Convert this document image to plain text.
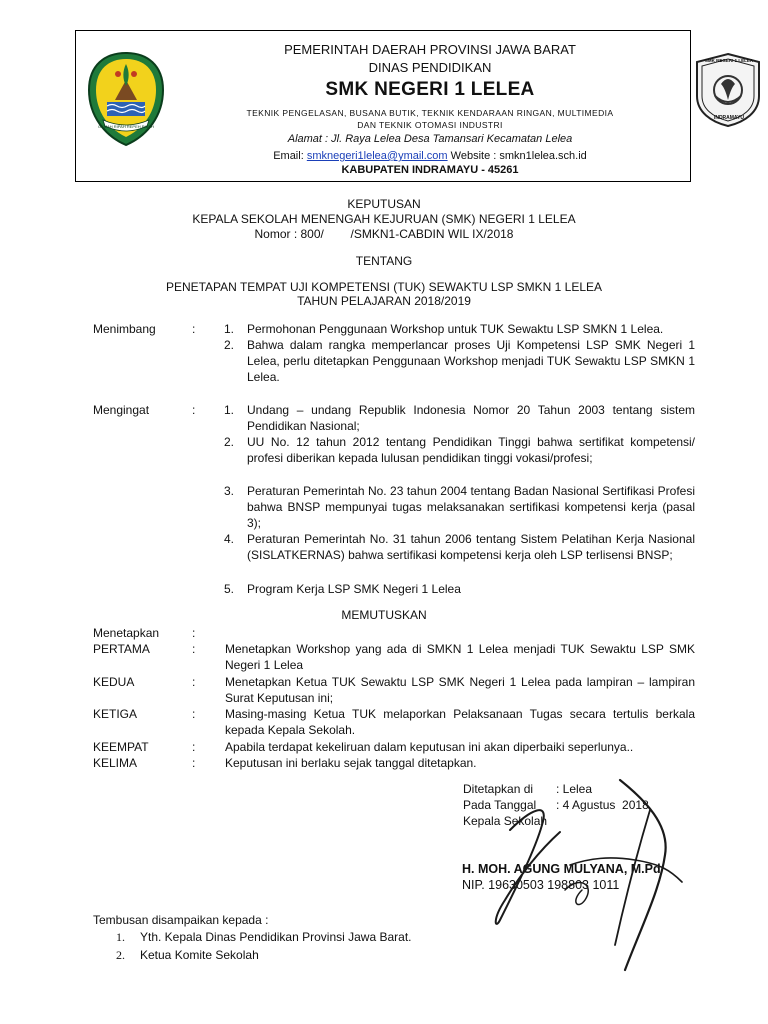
GEMAH RIPAH REPEH RAPIH
SMK NEGERI 1 LELEA
INDRAMAYU
PEMERINTAH DAERAH PROVINSI JAWA BARAT
DINAS PENDIDIKAN
SMK NEGERI 1 LELEA
TEKNIK PENGELASAN, BUSANA BUTIK, TEKNIK KENDARAAN RINGAN, MULTIMEDIA
DAN TEKNIK OTOMASI INDUSTRI
Alamat : Jl. Raya Lelea Desa Tamansari Kecamatan Lelea
Email: smknegeri1lelea@ymail.com Website : smkn1lelea.sch.id
KABUPATEN INDRAMAYU - 45261
KEPUTUSAN
KEPALA SEKOLAH MENENGAH KEJURUAN (SMK) NEGERI 1 LELEA
Nomor : 800/        /SMKN1-CABDIN WIL IX/2018
TENTANG
PENETAPAN TEMPAT UJI KOMPETENSI (TUK) SEWAKTU LSP SMKN 1 LELEA
TAHUN PELAJARAN 2018/2019
Menimbang	: 1. Permohonan Penggunaan Workshop untuk TUK Sewaktu LSP SMKN 1 Lelea.
2. Bahwa dalam rangka memperlancar proses Uji Kompetensi LSP SMK Negeri 1 Lelea, perlu ditetapkan Penggunaan Workshop menjadi TUK Sewaktu LSP SMKN 1 Lelea.
Mengingat	: 1. Undang – undang Republik Indonesia Nomor 20 Tahun 2003 tentang sistem Pendidikan Nasional;
2. UU No. 12 tahun 2012 tentang Pendidikan Tinggi bahwa sertifikat kompetensi/ profesi diberikan kepada lulusan pendidikan tinggi vokasi/profesi;
3. Peraturan Pemerintah No. 23 tahun 2004 tentang Badan Nasional Sertifikasi Profesi bahwa BNSP mempunyai tugas melaksanakan sertifikasi kompetensi kerja (pasal 3);
4. Peraturan Pemerintah No. 31 tahun 2006 tentang Sistem Pelatihan Kerja Nasional (SISLATKERNAS) bahwa sertifikasi kompetensi kerja oleh LSP terlisensi BNSP;
5. Program Kerja LSP SMK Negeri 1 Lelea
MEMUTUSKAN
Menetapkan	:
PERTAMA	: Menetapkan Workshop yang ada di SMKN 1 Lelea menjadi TUK Sewaktu LSP SMK Negeri 1 Lelea
KEDUA	: Menetapkan Ketua TUK Sewaktu LSP SMK Negeri 1 Lelea pada lampiran – lampiran Surat Keputusan ini;
KETIGA	: Masing-masing Ketua TUK melaporkan Pelaksanaan Tugas secara tertulis berkala kepada Kepala Sekolah.
KEEMPAT	: Apabila terdapat kekeliruan dalam keputusan ini akan diperbaiki seperlunya..
KELIMA	: Keputusan ini berlaku sejak tanggal ditetapkan.
Ditetapkan di : Lelea
Pada Tanggal : 4 Agustus  2018
Kepala Sekolah
Tembusan disampaikan kepada :
1. Yth. Kepala Dinas Pendidikan Provinsi Jawa Barat.
2. Ketua Komite Sekolah
H. MOH. AGUNG MULYANA, M.Pd
NIP. 19630503 198803 1011
